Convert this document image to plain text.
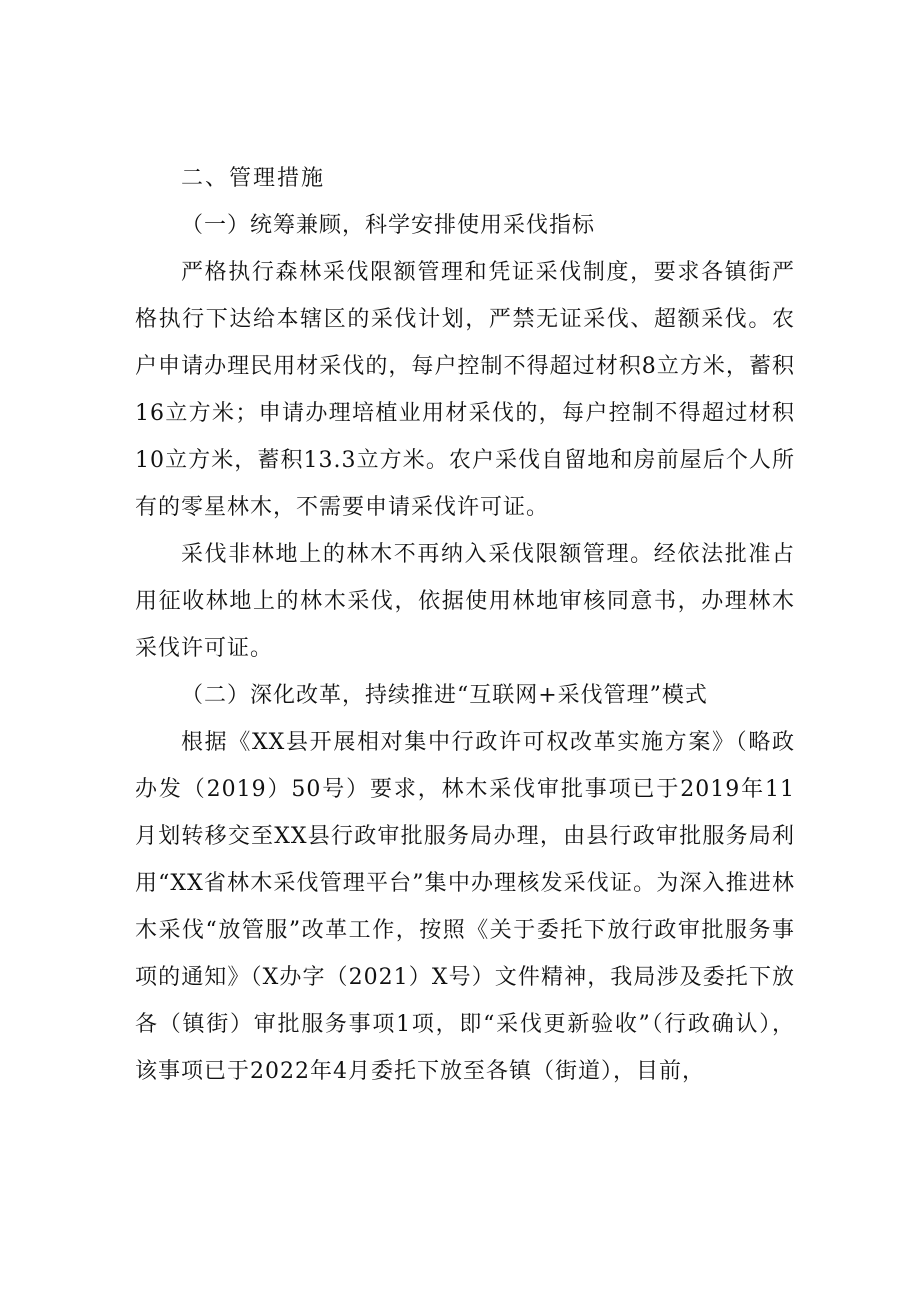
二、管理措施

（一）统筹兼顾，科学安排使用采伐指标

严格执行森林采伐限额管理和凭证采伐制度，要求各镇街严格执行下达给本辖区的采伐计划，严禁无证采伐、超额采伐。农户申请办理民用材采伐的，每户控制不得超过材积8立方米，蓄积16立方米；申请办理培植业用材采伐的，每户控制不得超过材积10立方米，蓄积13.3立方米。农户采伐自留地和房前屋后个人所有的零星林木，不需要申请采伐许可证。

采伐非林地上的林木不再纳入采伐限额管理。经依法批准占用征收林地上的林木采伐，依据使用林地审核同意书，办理林木采伐许可证。

（二）深化改革，持续推进“互联网+采伐管理”模式

根据《XX县开展相对集中行政许可权改革实施方案》（略政办发（2019）50号）要求，林木采伐审批事项已于2019年11月划转移交至XX县行政审批服务局办理，由县行政审批服务局利用“XX省林木采伐管理平台”集中办理核发采伐证。为深入推进林木采伐“放管服”改革工作，按照《关于委托下放行政审批服务事项的通知》（X办字（2021）X号）文件精神，我局涉及委托下放各（镇街）审批服务事项1项，即“采伐更新验收”（行政确认），该事项已于2022年4月委托下放至各镇（街道），目前，
